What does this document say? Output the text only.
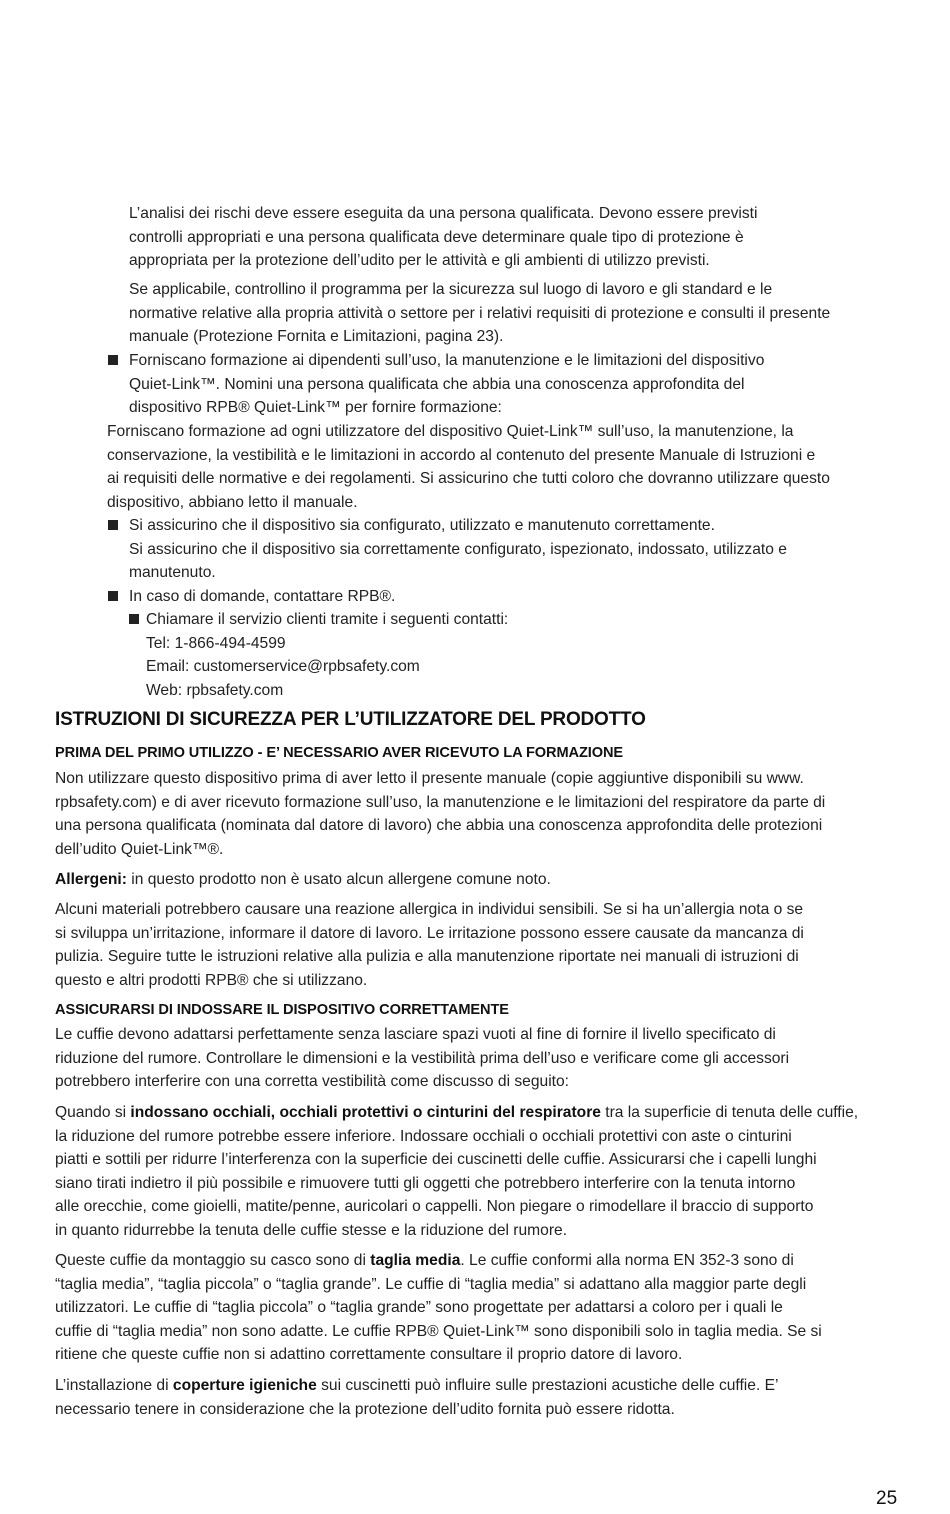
L’analisi dei rischi deve essere eseguita da una persona qualificata. Devono essere previsti
controlli appropriati e una persona qualificata deve determinare quale tipo di protezione è
appropriata per la protezione dell’udito per le attività e gli ambienti di utilizzo previsti.
Se applicabile, controllino il programma per la sicurezza sul luogo di lavoro e gli standard e le
normative relative alla propria attività o settore per i relativi requisiti di protezione e consulti il presente
manuale (Protezione Fornita e Limitazioni, pagina 23).
Forniscano formazione ai dipendenti sull’uso, la manutenzione e le limitazioni del dispositivo
Quiet-Link™. Nomini una persona qualificata che abbia una conoscenza approfondita del
dispositivo RPB® Quiet-Link™ per fornire formazione:
Forniscano formazione ad ogni utilizzatore del dispositivo Quiet-Link™ sull’uso, la manutenzione, la
conservazione, la vestibilità e le limitazioni in accordo al contenuto del presente Manuale di Istruzioni e
ai requisiti delle normative e dei regolamenti. Si assicurino che tutti coloro che dovranno utilizzare questo
dispositivo, abbiano letto il manuale.
Si assicurino che il dispositivo sia configurato, utilizzato e manutenuto correttamente.
Si assicurino che il dispositivo sia correttamente configurato, ispezionato, indossato, utilizzato e
manutenuto.
In caso di domande, contattare RPB®.
Chiamare il servizio clienti tramite i seguenti contatti:
Tel: 1-866-494-4599
Email: customerservice@rpbsafety.com
Web: rpbsafety.com
ISTRUZIONI DI SICUREZZA PER L’UTILIZZATORE DEL PRODOTTO
PRIMA DEL PRIMO UTILIZZO - E’ NECESSARIO AVER RICEVUTO LA FORMAZIONE
Non utilizzare questo dispositivo prima di aver letto il presente manuale (copie aggiuntive disponibili su www.
rpbsafety.com) e di aver ricevuto formazione sull’uso, la manutenzione e le limitazioni del respiratore da parte di
una persona qualificata (nominata dal datore di lavoro) che abbia una conoscenza approfondita delle protezioni
dell’udito Quiet-Link™®.
Allergeni: in questo prodotto non è usato alcun allergene comune noto.
Alcuni materiali potrebbero causare una reazione allergica in individui sensibili. Se si ha un’allergia nota o se
si sviluppa un’irritazione, informare il datore di lavoro. Le irritazione possono essere causate da mancanza di
pulizia. Seguire tutte le istruzioni relative alla pulizia e alla manutenzione riportate nei manuali di istruzioni di
questo e altri prodotti RPB® che si utilizzano.
ASSICURARSI DI INDOSSARE IL DISPOSITIVO CORRETTAMENTE
Le cuffie devono adattarsi perfettamente senza lasciare spazi vuoti al fine di fornire il livello specificato di
riduzione del rumore. Controllare le dimensioni e la vestibilità prima dell’uso e verificare come gli accessori
potrebbero interferire con una corretta vestibilità come discusso di seguito:
Quando si indossano occhiali, occhiali protettivi o cinturini del respiratore tra la superficie di tenuta delle cuffie,
la riduzione del rumore potrebbe essere inferiore. Indossare occhiali o occhiali protettivi con aste o cinturini
piatti e sottili per ridurre l’interferenza con la superficie dei cuscinetti delle cuffie. Assicurarsi che i capelli lunghi
siano tirati indietro il più possibile e rimuovere tutti gli oggetti che potrebbero interferire con la tenuta intorno
alle orecchie, come gioielli, matite/penne, auricolari o cappelli. Non piegare o rimodellare il braccio di supporto
in quanto ridurrebbe la tenuta delle cuffie stesse e la riduzione del rumore.
Queste cuffie da montaggio su casco sono di taglia media. Le cuffie conformi alla norma EN 352-3 sono di
“taglia media”, “taglia piccola” o “taglia grande”. Le cuffie di “taglia media” si adattano alla maggior parte degli
utilizzatori. Le cuffie di “taglia piccola” o “taglia grande” sono progettate per adattarsi a coloro per i quali le
cuffie di “taglia media” non sono adatte. Le cuffie RPB® Quiet-Link™ sono disponibili solo in taglia media. Se si
ritiene che queste cuffie non si adattino correttamente consultare il proprio datore di lavoro.
L’installazione di coperture igieniche sui cuscinetti può influire sulle prestazioni acustiche delle cuffie. E’
necessario tenere in considerazione che la protezione dell’udito fornita può essere ridotta.
25
